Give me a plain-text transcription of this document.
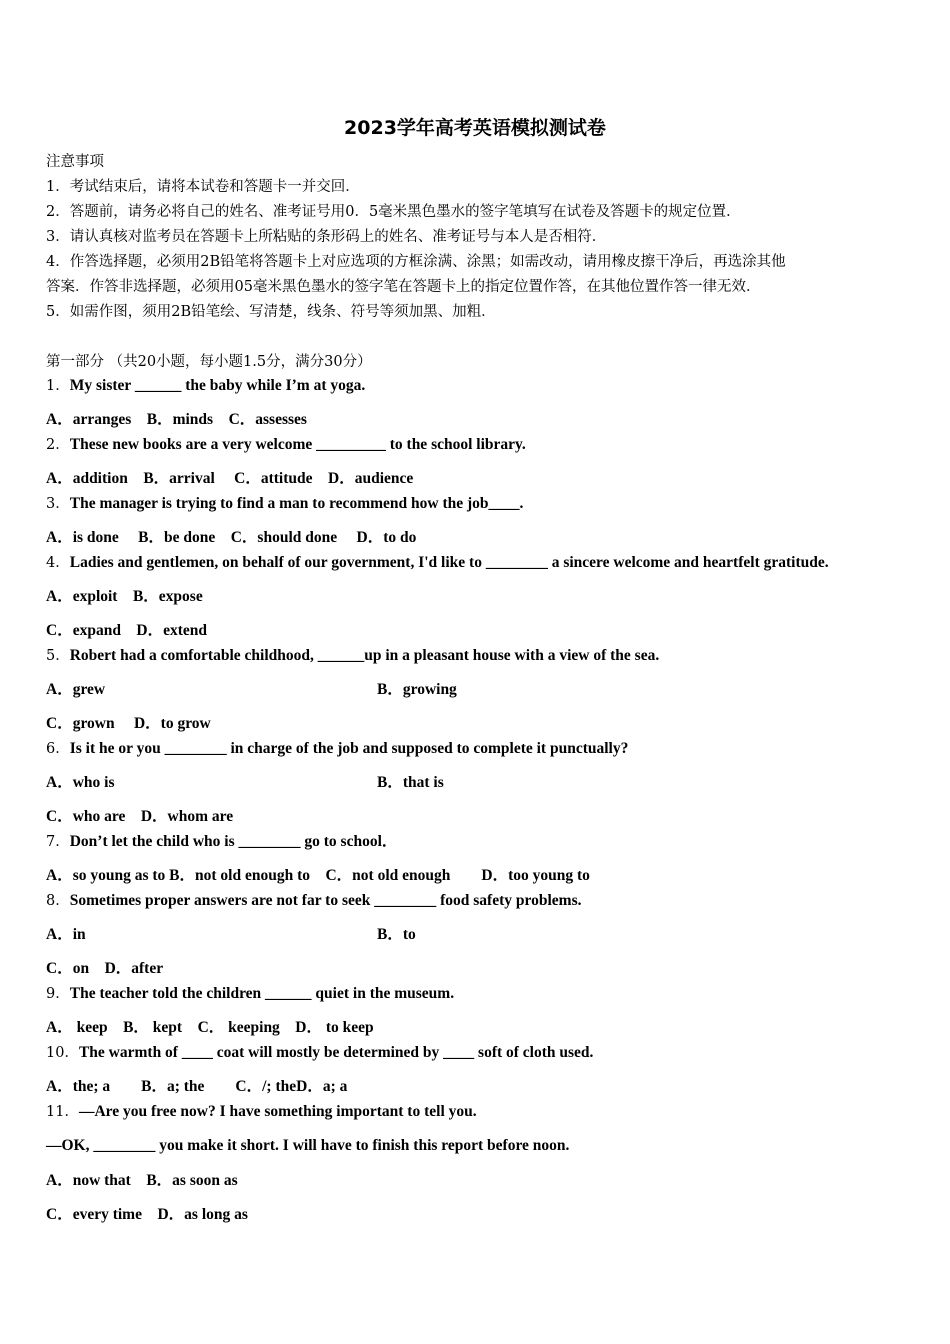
2023学年高考英语模拟测试卷
注意事项
1．考试结束后，请将本试卷和答题卡一并交回．
2．答题前，请务必将自己的姓名、准考证号用0．5毫米黑色墨水的签字笔填写在试卷及答题卡的规定位置．
3．请认真核对监考员在答题卡上所粘贴的条形码上的姓名、准考证号与本人是否相符．
4．作答选择题，必须用2B铅笔将答题卡上对应选项的方框涂满、涂黑；如需改动，请用橡皮擦干净后，再选涂其他
答案．作答非选择题，必须用05毫米黑色墨水的签字笔在答题卡上的指定位置作答，在其他位置作答一律无效．
5．如需作图，须用2B铅笔绘、写清楚，线条、符号等须加黑、加粗．
第一部分 （共20小题，每小题1.5分，满分30分）
1．My sister ______ the baby while I’m at yoga.
A．arranges　B．minds　C．assesses
2．These new books are a very welcome _________ to the school library.
A．addition　B．arrival　 C．attitude　D．audience
3．The manager is trying to find a man to recommend how the job____.
A．is done　 B．be done　C．should done　 D．to do
4．Ladies and gentlemen, on behalf of our government, I'd like to ________ a sincere welcome and heartfelt gratitude.
A．exploit　B．expose
C．expand　D．extend
5．Robert had a comfortable childhood, ______up in a pleasant house with a view of the sea.
A．grew	B．growing
C．grown　 D．to grow
6．Is it he or you ________ in charge of the job and supposed to complete it punctually?
A．who is	B．that is
C．who are　D．whom are
7．Don’t let the child who is ________ go to school．
A．so young as to B．not old enough to　C．not old enough　　D．too young to
8．Sometimes proper answers are not far to seek ________ food safety problems.
A．in	B．to
C．on　D．after
9．The teacher told the children ______ quiet in the museum.
A． keep　B． kept　C． keeping　D． to keep
10．The warmth of ____ coat will mostly be determined by ____ soft of cloth used.
A．the; a　　B．a; the　　C．/; theD．a; a
11．—Are you free now? I have something important to tell you.
—OK, ________ you make it short. I will have to finish this report before noon.
A．now that　B．as soon as
C．every time　D．as long as
